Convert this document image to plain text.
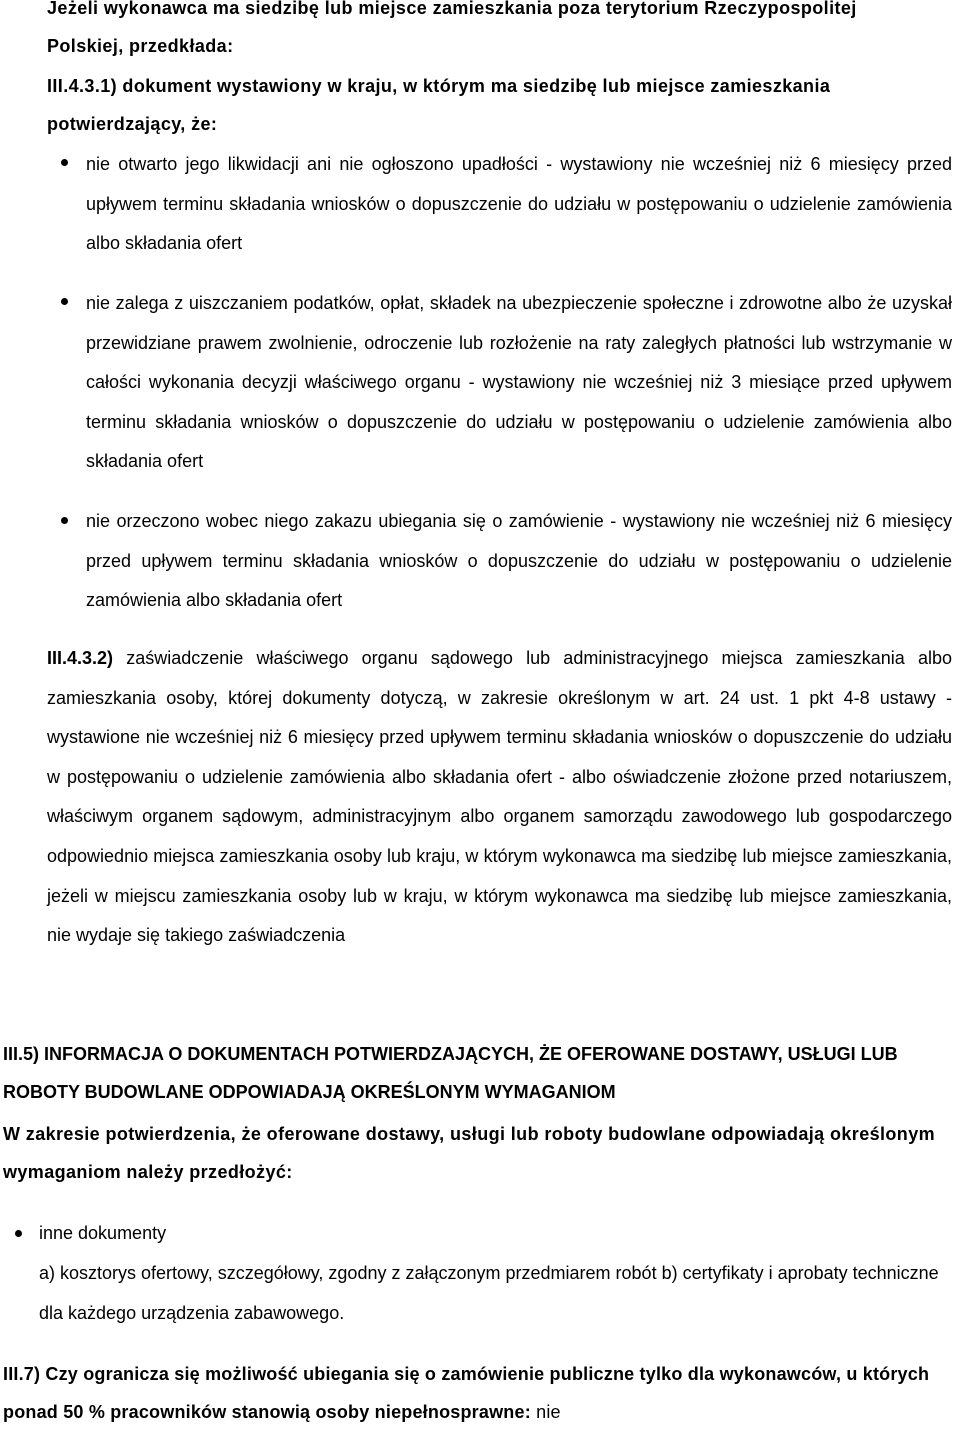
Jeżeli wykonawca ma siedzibę lub miejsce zamieszkania poza terytorium Rzeczypospolitej Polskiej, przedkłada:

III.4.3.1) dokument wystawiony w kraju, w którym ma siedzibę lub miejsce zamieszkania potwierdzający, że:

nie otwarto jego likwidacji ani nie ogłoszono upadłości - wystawiony nie wcześniej niż 6 miesięcy przed upływem terminu składania wniosków o dopuszczenie do udziału w postępowaniu o udzielenie zamówienia albo składania ofert

nie zalega z uiszczaniem podatków, opłat, składek na ubezpieczenie społeczne i zdrowotne albo że uzyskał przewidziane prawem zwolnienie, odroczenie lub rozłożenie na raty zaległych płatności lub wstrzymanie w całości wykonania decyzji właściwego organu - wystawiony nie wcześniej niż 3 miesiące przed upływem terminu składania wniosków o dopuszczenie do udziału w postępowaniu o udzielenie zamówienia albo składania ofert

nie orzeczono wobec niego zakazu ubiegania się o zamówienie - wystawiony nie wcześniej niż 6 miesięcy przed upływem terminu składania wniosków o dopuszczenie do udziału w postępowaniu o udzielenie zamówienia albo składania ofert

III.4.3.2) zaświadczenie właściwego organu sądowego lub administracyjnego miejsca zamieszkania albo zamieszkania osoby, której dokumenty dotyczą, w zakresie określonym w art. 24 ust. 1 pkt 4-8 ustawy - wystawione nie wcześniej niż 6 miesięcy przed upływem terminu składania wniosków o dopuszczenie do udziału w postępowaniu o udzielenie zamówienia albo składania ofert - albo oświadczenie złożone przed notariuszem, właściwym organem sądowym, administracyjnym albo organem samorządu zawodowego lub gospodarczego odpowiednio miejsca zamieszkania osoby lub kraju, w którym wykonawca ma siedzibę lub miejsce zamieszkania, jeżeli w miejscu zamieszkania osoby lub w kraju, w którym wykonawca ma siedzibę lub miejsce zamieszkania, nie wydaje się takiego zaświadczenia

III.5) INFORMACJA O DOKUMENTACH POTWIERDZAJĄCYCH, ŻE OFEROWANE DOSTAWY, USŁUGI LUB ROBOTY BUDOWLANE ODPOWIADAJĄ OKREŚLONYM WYMAGANIOM

W zakresie potwierdzenia, że oferowane dostawy, usługi lub roboty budowlane odpowiadają określonym wymaganiom należy przedłożyć:

inne dokumenty

a) kosztorys ofertowy, szczegółowy, zgodny z załączonym przedmiarem robót b) certyfikaty i aprobaty techniczne dla każdego urządzenia zabawowego.

III.7) Czy ogranicza się możliwość ubiegania się o zamówienie publiczne tylko dla wykonawców, u których ponad 50 % pracowników stanowią osoby niepełnosprawne: nie
